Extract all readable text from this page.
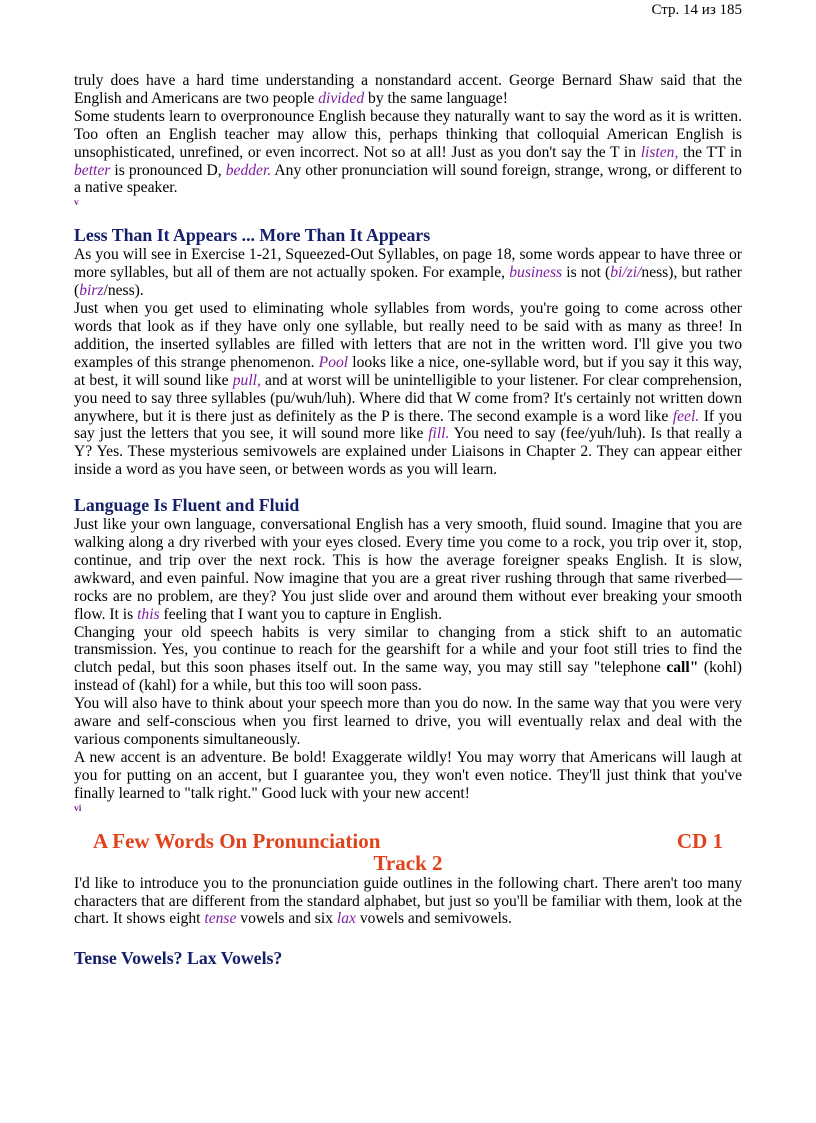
Стр. 14 из 185

truly does have a hard time understanding a nonstandard accent. George Bernard Shaw said that the English and Americans are two people divided by the same language!

Some students learn to overpronounce English because they naturally want to say the word as it is written. Too often an English teacher may allow this, perhaps thinking that colloquial American English is unsophisticated, unrefined, or even incorrect. Not so at all! Just as you don't say the T in listen, the TT in better is pronounced D, bedder. Any other pronunciation will sound foreign, strange, wrong, or different to a native speaker.

v
Less Than It Appears ... More Than It Appears

As you will see in Exercise 1-21, Squeezed-Out Syllables, on page 18, some words appear to have three or more syllables, but all of them are not actually spoken. For example, business is not (bi/zi/ness), but rather (birz/ness).

Just when you get used to eliminating whole syllables from words, you're going to come across other words that look as if they have only one syllable, but really need to be said with as many as three! In addition, the inserted syllables are filled with letters that are not in the written word. I'll give you two examples of this strange phenomenon. Pool looks like a nice, one-syllable word, but if you say it this way, at best, it will sound like pull, and at worst will be unintelligible to your listener. For clear comprehension, you need to say three syllables (pu/wuh/luh). Where did that W come from? It's certainly not written down anywhere, but it is there just as definitely as the P is there. The second example is a word like feel. If you say just the letters that you see, it will sound more like fill. You need to say (fee/yuh/luh). Is that really a Y? Yes. These mysterious semivowels are explained under Liaisons in Chapter 2. They can appear either inside a word as you have seen, or between words as you will learn.

Language Is Fluent and Fluid

Just like your own language, conversational English has a very smooth, fluid sound. Imagine that you are walking along a dry riverbed with your eyes closed. Every time you come to a rock, you trip over it, stop, continue, and trip over the next rock. This is how the average foreigner speaks English. It is slow, awkward, and even painful. Now imagine that you are a great river rushing through that same riverbed—rocks are no problem, are they? You just slide over and around them without ever breaking your smooth flow. It is this feeling that I want you to capture in English.

Changing your old speech habits is very similar to changing from a stick shift to an automatic transmission. Yes, you continue to reach for the gearshift for a while and your foot still tries to find the clutch pedal, but this soon phases itself out. In the same way, you may still say "telephone call" (kohl) instead of (kahl) for a while, but this too will soon pass.

You will also have to think about your speech more than you do now. In the same way that you were very aware and self-conscious when you first learned to drive, you will eventually relax and deal with the various components simultaneously.

A new accent is an adventure. Be bold! Exaggerate wildly! You may worry that Americans will laugh at you for putting on an accent, but I guarantee you, they won't even notice. They'll just think that you've finally learned to "talk right." Good luck with your new accent!

vi
A Few Words On Pronunciation	CD 1
Track 2

I'd like to introduce you to the pronunciation guide outlines in the following chart. There aren't too many characters that are different from the standard alphabet, but just so you'll be familiar with them, look at the chart. It shows eight tense vowels and six lax vowels and semivowels.

Tense Vowels? Lax Vowels?
